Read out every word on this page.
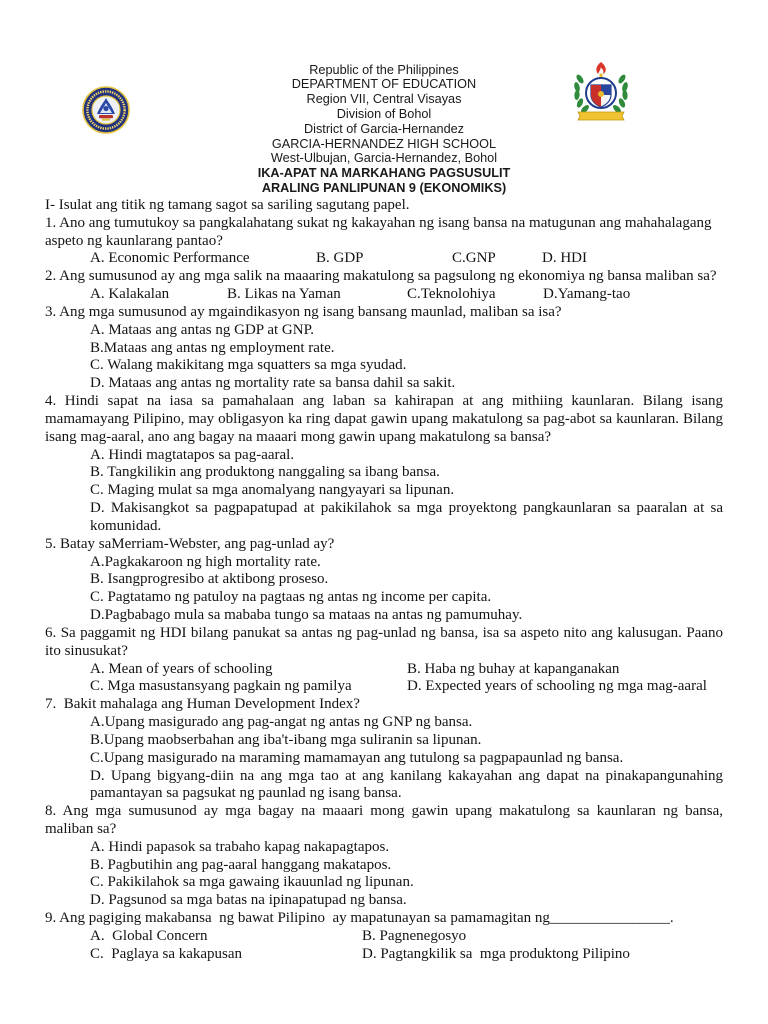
Republic of the Philippines
DEPARTMENT OF EDUCATION
Region VII, Central Visayas
Division of Bohol
District of Garcia-Hernandez
GARCIA-HERNANDEZ HIGH SCHOOL
West-Ulbujan, Garcia-Hernandez, Bohol
IKA-APAT NA MARKAHANG PAGSUSULIT
ARALING PANLIPUNAN 9 (EKONOMIKS)
I- Isulat ang titik ng tamang sagot sa sariling sagutang papel.
1. Ano ang tumutukoy sa pangkalahatang sukat ng kakayahan ng isang bansa na matugunan ang mahahalagang
aspeto ng kaunlarang pantao?

A. Economic Performance

	B. GDP

	C.GNP

	D. HDI

2. Ang sumusunod ay ang mga salik na maaaring makatulong sa pagsulong ng ekonomiya ng bansa maliban sa?

A. Kalakalan

	B. Likas na Yaman

	C.Teknolohiya

	D.Yamang-tao

3. Ang mga sumusunod ay mgaindikasyon ng isang bansang maunlad, maliban sa isa?
A. Mataas ang antas ng GDP at GNP.
B.Mataas ang antas ng employment rate.
C. Walang makikitang mga squatters sa mga syudad.
D. Mataas ang antas ng mortality rate sa bansa dahil sa sakit.
4. Hindi sapat na iasa sa pamahalaan ang laban sa kahirapan at ang mithiing kaunlaran. Bilang isang
mamamayang Pilipino, may obligasyon ka ring dapat gawin upang makatulong sa pag-abot sa kaunlaran. Bilang
isang mag-aaral, ano ang bagay na maaari mong gawin upang makatulong sa bansa?
A. Hindi magtatapos sa pag-aaral.
B. Tangkilikin ang produktong nanggaling sa ibang bansa.
C. Maging mulat sa mga anomalyang nangyayari sa lipunan.
D. Makisangkot sa pagpapatupad at pakikilahok sa mga proyektong pangkaunlaran sa paaralan at sa
komunidad.
5. Batay saMerriam-Webster, ang pag-unlad ay?
A.Pagkakaroon ng high mortality rate.
B. Isangprogresibo at aktibong proseso.
C. Pagtatamo ng patuloy na pagtaas ng antas ng income per capita.
D.Pagbabago mula sa mababa tungo sa mataas na antas ng pamumuhay.
6. Sa paggamit ng HDI bilang panukat sa antas ng pag-unlad ng bansa, isa sa aspeto nito ang kalusugan. Paano
ito sinusukat?

A. Mean of years of schooling

	B. Haba ng buhay at kapanganakan

C. Mga masustansyang pagkain ng pamilya

	D. Expected years of schooling ng mga mag-aaral

7.  Bakit mahalaga ang Human Development Index?
A.Upang masigurado ang pag-angat ng antas ng GNP ng bansa.
B.Upang maobserbahan ang iba't-ibang mga suliranin sa lipunan.
C.Upang masigurado na maraming mamamayan ang tutulong sa pagpapaunlad ng bansa.
D. Upang bigyang-diin na ang mga tao at ang kanilang kakayahan ang dapat na pinakapangunahing
pamantayan sa pagsukat ng paunlad ng isang bansa.
8. Ang mga sumusunod ay mga bagay na maaari mong gawin upang makatulong sa kaunlaran ng bansa,
maliban sa?
A. Hindi papasok sa trabaho kapag nakapagtapos.
B. Pagbutihin ang pag-aaral hanggang makatapos.
C. Pakikilahok sa mga gawaing ikauunlad ng lipunan.
D. Pagsunod sa mga batas na ipinapatupad ng bansa.
9. Ang pagiging makabansa  ng bawat Pilipino  ay mapatunayan sa pamamagitan ng________________.

A.  Global Concern

	B. Pagnenegosyo

C.  Paglaya sa kakapusan

	D. Pagtangkilik sa  mga produktong Pilipino
